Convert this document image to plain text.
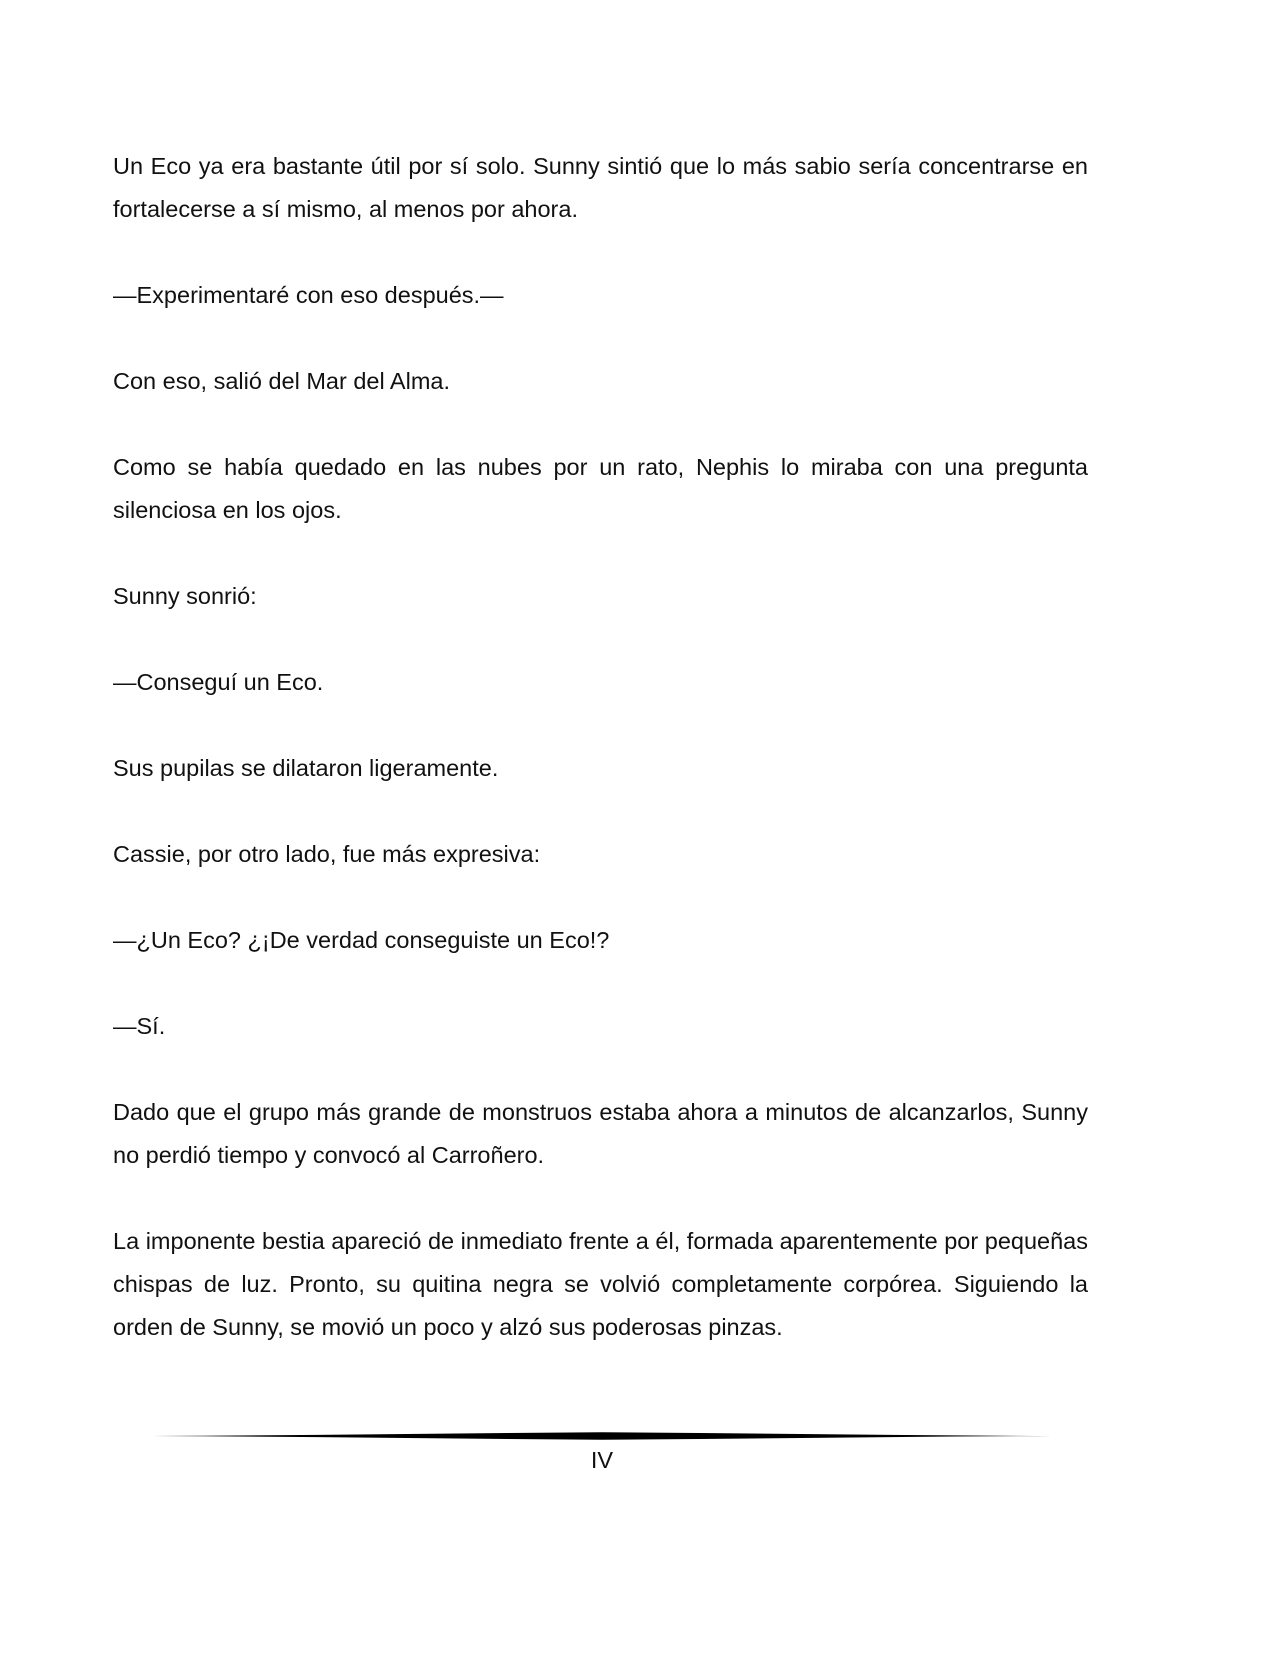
Un Eco ya era bastante útil por sí solo. Sunny sintió que lo más sabio sería concentrarse en fortalecerse a sí mismo, al menos por ahora.

—Experimentaré con eso después.—

Con eso, salió del Mar del Alma.

Como se había quedado en las nubes por un rato, Nephis lo miraba con una pregunta silenciosa en los ojos.

Sunny sonrió:

—Conseguí un Eco.

Sus pupilas se dilataron ligeramente.

Cassie, por otro lado, fue más expresiva:

—¿Un Eco? ¿¡De verdad conseguiste un Eco!?

—Sí.

Dado que el grupo más grande de monstruos estaba ahora a minutos de alcanzarlos, Sunny no perdió tiempo y convocó al Carroñero.

La imponente bestia apareció de inmediato frente a él, formada aparentemente por pequeñas chispas de luz. Pronto, su quitina negra se volvió completamente corpórea. Siguiendo la orden de Sunny, se movió un poco y alzó sus poderosas pinzas.

IV
